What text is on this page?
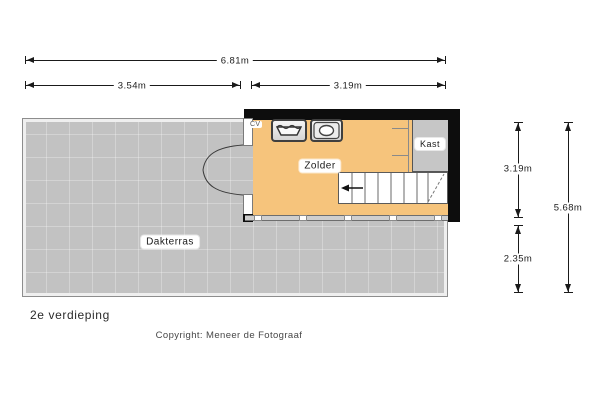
6.81m
3.54m	3.19m
CV
Zolder
Kast
Dakterras
3.19m
2.35m
5.68m
2e verdieping
Copyright: Meneer de Fotograaf
